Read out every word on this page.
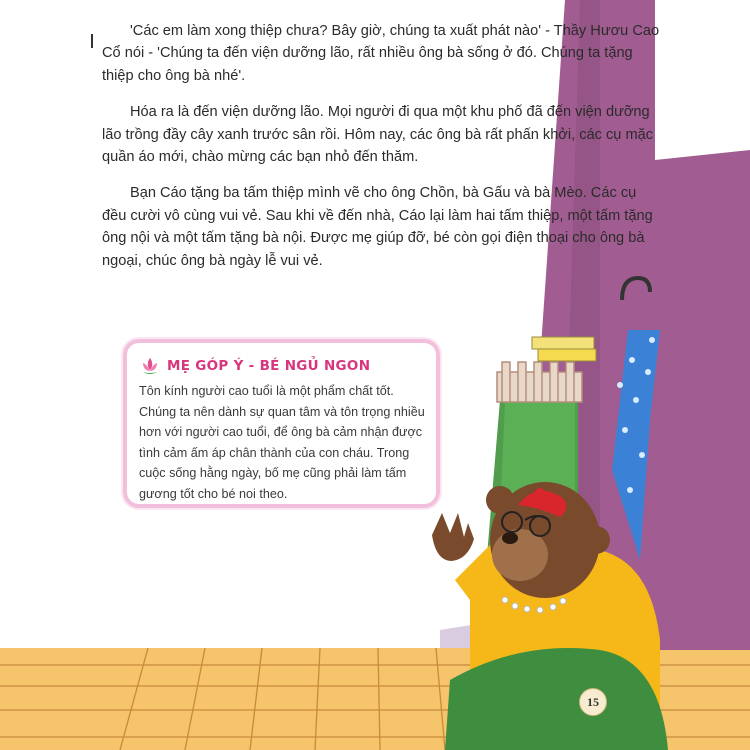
'Các em làm xong thiệp chưa? Bây giờ, chúng ta xuất phát nào' - Thầy Hươu Cao Cổ nói - 'Chúng ta đến viện dưỡng lão, rất nhiều ông bà sống ở đó. Chúng ta tặng thiệp cho ông bà nhé'.

Hóa ra là đến viện dưỡng lão. Mọi người đi qua một khu phố đã đến viện dưỡng lão trồng đầy cây xanh trước sân rồi. Hôm nay, các ông bà rất phấn khởi, các cụ mặc quần áo mới, chào mừng các bạn nhỏ đến thăm.

Bạn Cáo tặng ba tấm thiệp mình vẽ cho ông Chồn, bà Gấu và bà Mèo. Các cụ đều cười vô cùng vui vẻ. Sau khi về đến nhà, Cáo lại làm hai tấm thiệp, một tấm tặng ông nội và một tấm tặng bà nội. Được mẹ giúp đỡ, bé còn gọi điện thoại cho ông bà ngoại, chúc ông bà ngày lễ vui vẻ.

MẸ GÓP Ý - BÉ NGỦ NGON
Tôn kính người cao tuổi là một phẩm chất tốt. Chúng ta nên dành sự quan tâm và tôn trọng nhiều hơn với người cao tuổi, để ông bà cảm nhận được tình cảm ấm áp chân thành của con cháu. Trong cuộc sống hằng ngày, bố mẹ cũng phải làm tấm gương tốt cho bé noi theo.
15
